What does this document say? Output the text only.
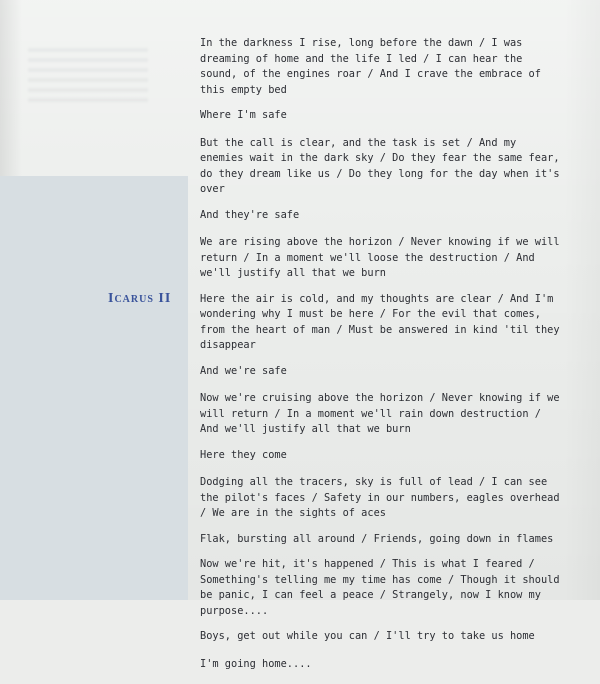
Icarus II

In the darkness I rise, long before the dawn / I was dreaming of home and the life I led / I can hear the sound, of the engines roar / And I crave the embrace of this empty bed

Where I'm safe

But the call is clear, and the task is set / And my enemies wait in the dark sky / Do they fear the same fear, do they dream like us / Do they long for the day when it's over

And they're safe

We are rising above the horizon / Never knowing if we will return / In a moment we'll loose the destruction / And we'll justify all that we burn

Here the air is cold, and my thoughts are clear / And I'm wondering why I must be here / For the evil that comes, from the heart of man / Must be answered in kind 'til they disappear

And we're safe

Now we're cruising above the horizon / Never knowing if we will return / In a moment we'll rain down destruction / And we'll justify all that we burn

Here they come

Dodging all the tracers, sky is full of lead / I can see the pilot's faces / Safety in our numbers, eagles overhead / We are in the sights of aces

Flak, bursting all around / Friends, going down in flames

Now we're hit, it's happened / This is what I feared / Something's telling me my time has come / Though it should be panic, I can feel a peace / Strangely, now I know my purpose....

Boys, get out while you can / I'll try to take us home

I'm going home....
